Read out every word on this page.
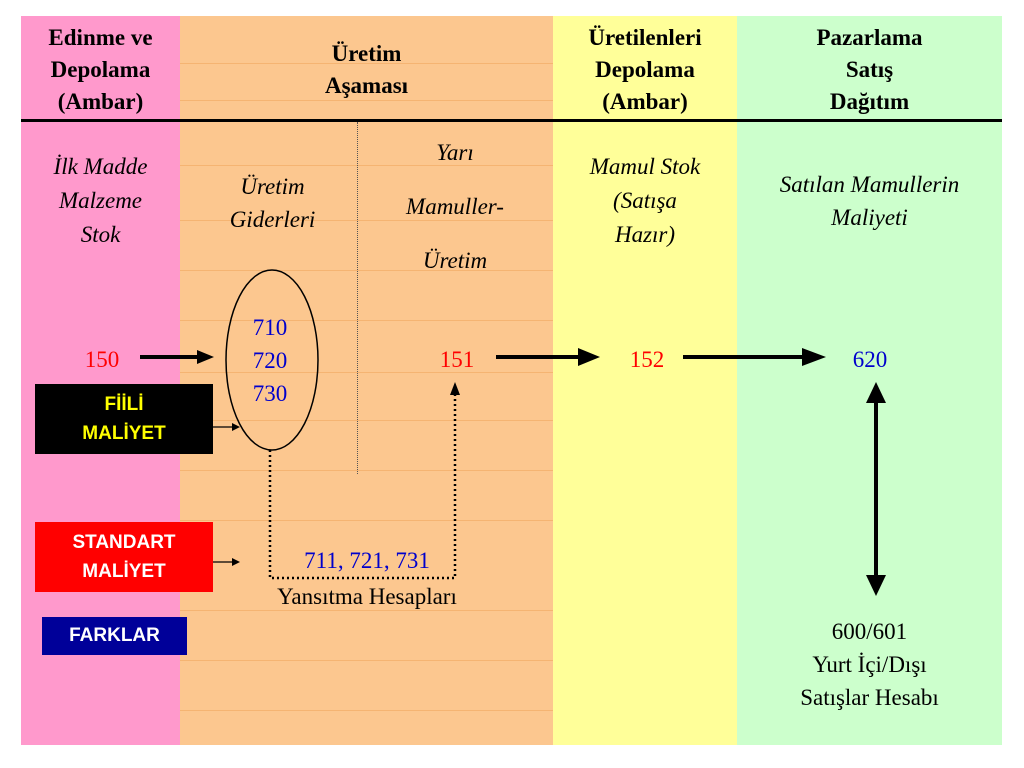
Edinme ve
Depolama
(Ambar)
Üretim
Aşaması
Üretilenleri
Depolama
(Ambar)
Pazarlama
Satış
Dağıtım
İlk Madde
Malzeme
Stok
Üretim
Giderleri
Yarı
Mamuller-
Üretim
Mamul Stok
(Satışa
Hazır)
Satılan Mamullerin
Maliyeti
150
710
720
730
151	152	620
711, 721, 731
Yansıtma Hesapları
600/601
Yurt İçi/Dışı
Satışlar Hesabı
FİİLİ
MALİYET
STANDART
MALİYET
FARKLAR
